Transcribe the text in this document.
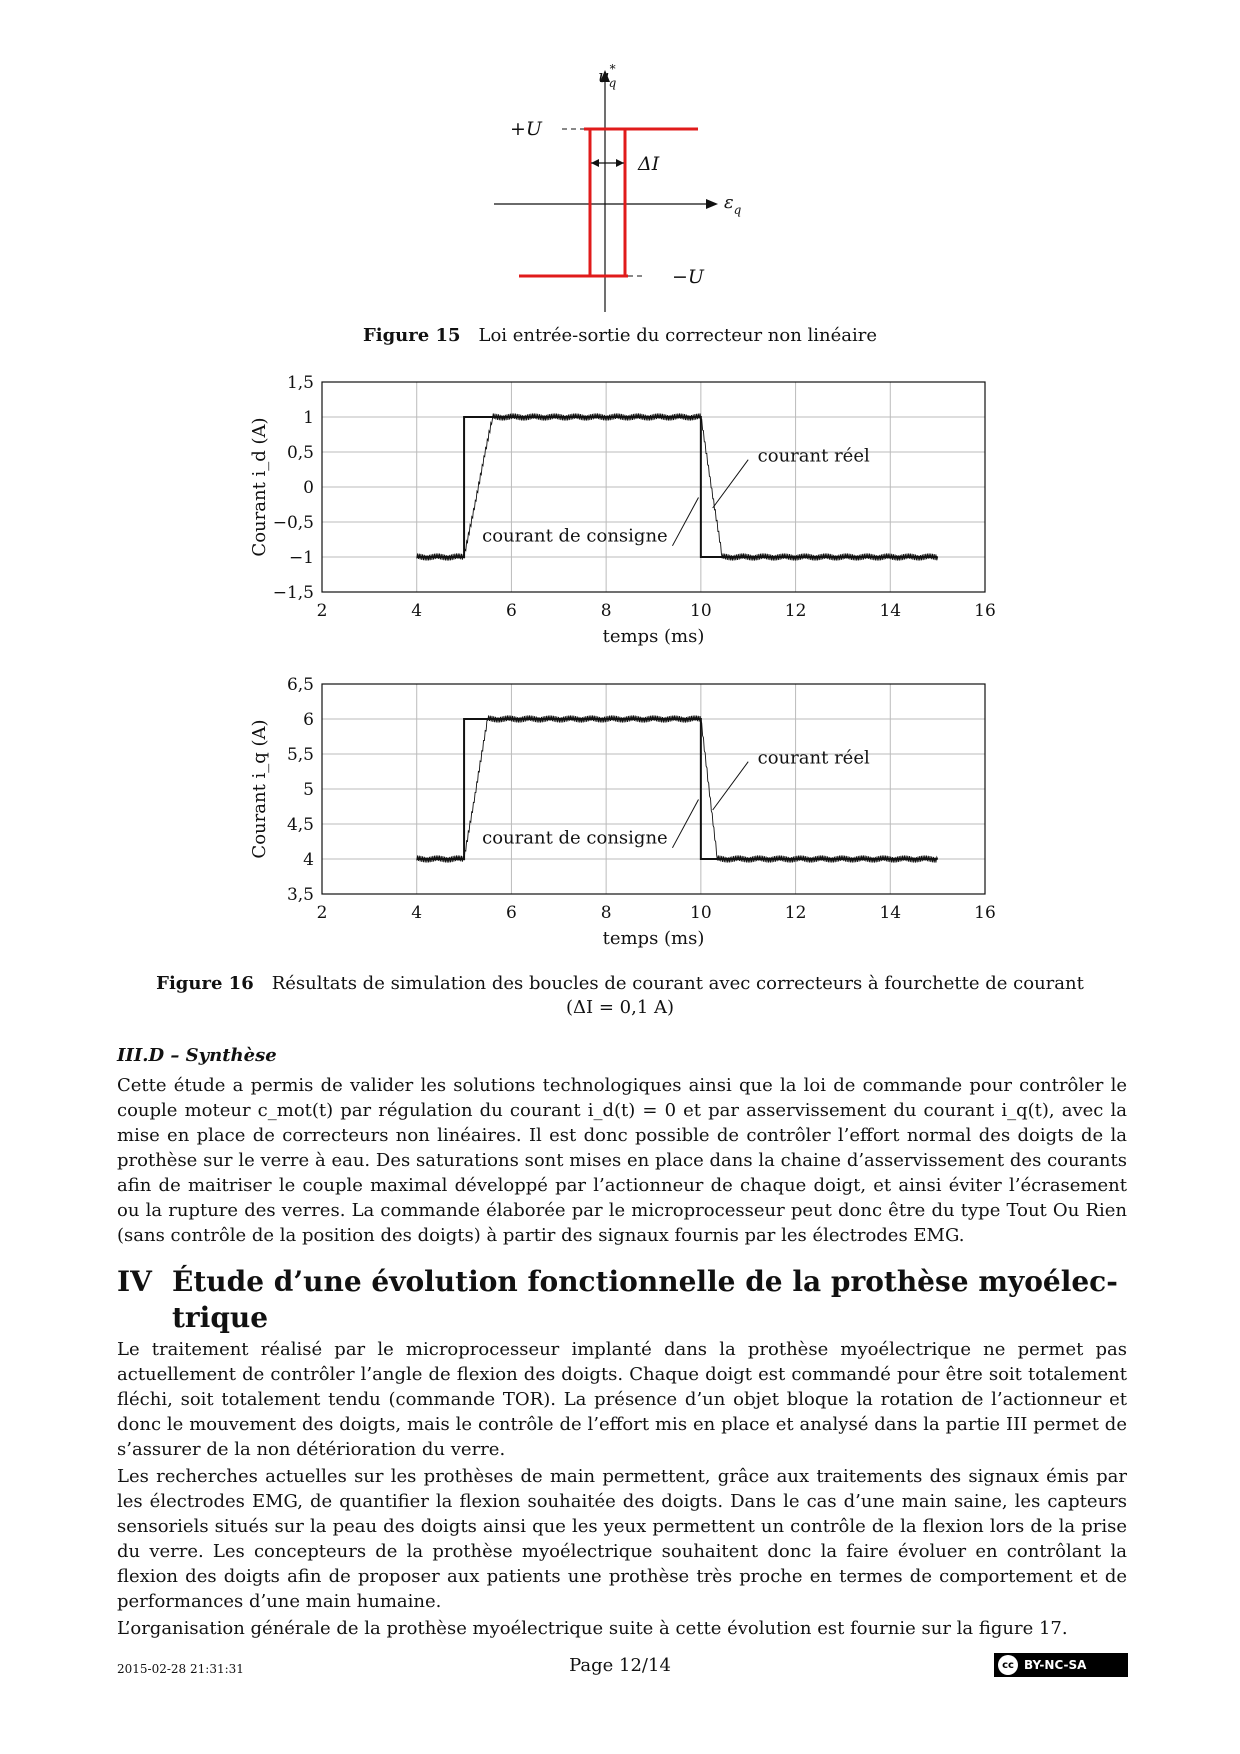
u* q
$\varepsilon_q$
+U
−U
ΔI
Figure 15 Loi entrée-sortie du correcteur non linéaire
2	4	6	8	10	12	14	16
1,5
1
0,5
0
−0,5
−1
−1,5
courant réel
courant de consigne
temps (ms)
Courant i_d (A)
2	4	6	8	10	12	14	16
6,5
6
5,5
5
4,5
4
3,5
courant réel
courant de consigne
temps (ms)
Courant i_q (A)
Figure 16 Résultats de simulation des boucles de courant avec correcteurs à fourchette de courant
(ΔI = 0,1 A)
III.D – Synthèse
Cette étude a permis de valider les solutions technologiques ainsi que la loi de commande pour contrôler le couple moteur c_mot(t) par régulation du courant i_d(t) = 0 et par asservissement du courant i_q(t), avec la mise en place de correcteurs non linéaires. Il est donc possible de contrôler l’effort normal des doigts de la prothèse sur le verre à eau. Des saturations sont mises en place dans la chaine d’asservissement des courants afin de maitriser le couple maximal développé par l’actionneur de chaque doigt, et ainsi éviter l’écrasement ou la rupture des verres. La commande élaborée par le microprocesseur peut donc être du type Tout Ou Rien (sans contrôle de la position des doigts) à partir des signaux fournis par les électrodes EMG.
IV Étude d’une évolution fonctionnelle de la prothèse myoélec-
trique
Le traitement réalisé par le microprocesseur implanté dans la prothèse myoélectrique ne permet pas actuellement de contrôler l’angle de flexion des doigts. Chaque doigt est commandé pour être soit totalement fléchi, soit totalement tendu (commande TOR). La présence d’un objet bloque la rotation de l’actionneur et donc le mouvement des doigts, mais le contrôle de l’effort mis en place et analysé dans la partie III permet de s’assurer de la non détérioration du verre.
Les recherches actuelles sur les prothèses de main permettent, grâce aux traitements des signaux émis par les électrodes EMG, de quantifier la flexion souhaitée des doigts. Dans le cas d’une main saine, les capteurs sensoriels situés sur la peau des doigts ainsi que les yeux permettent un contrôle de la flexion lors de la prise du verre. Les concepteurs de la prothèse myoélectrique souhaitent donc la faire évoluer en contrôlant la flexion des doigts afin de proposer aux patients une prothèse très proche en termes de comportement et de performances d’une main humaine.
L’organisation générale de la prothèse myoélectrique suite à cette évolution est fournie sur la figure 17.
2015-02-28 21:31:31	Page 12/14	cc BY-NC-SA
